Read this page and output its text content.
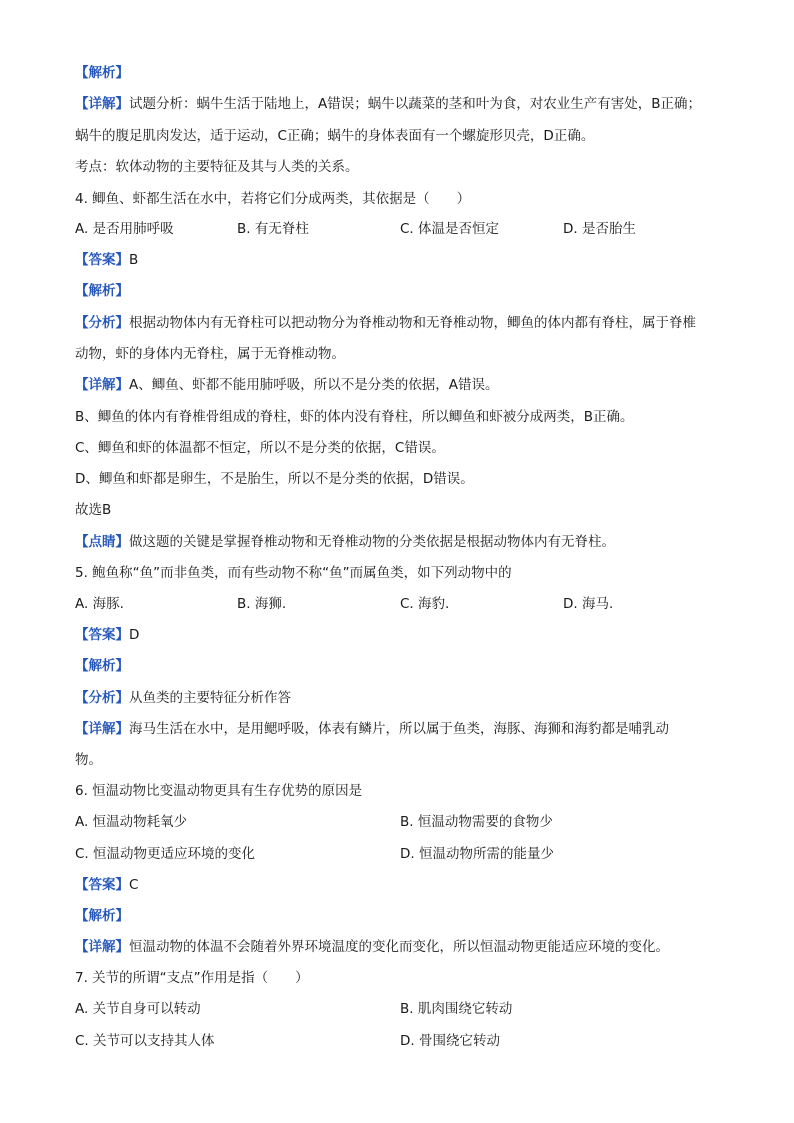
【解析】
【详解】试题分析：蜗牛生活于陆地上，A错误；蜗牛以蔬菜的茎和叶为食，对农业生产有害处，B正确；
蜗牛的腹足肌肉发达，适于运动，C正确；蜗牛的身体表面有一个螺旋形贝壳，D正确。
考点：软体动物的主要特征及其与人类的关系。
4. 鲫鱼、虾都生活在水中，若将它们分成两类，其依据是（　　）
A. 是否用肺呼吸	B. 有无脊柱	C. 体温是否恒定	D. 是否胎生
【答案】B
【解析】
【分析】根据动物体内有无脊柱可以把动物分为脊椎动物和无脊椎动物，鲫鱼的体内都有脊柱，属于脊椎
动物，虾的身体内无脊柱，属于无脊椎动物。
【详解】A、鲫鱼、虾都不能用肺呼吸，所以不是分类的依据，A错误。
B、鲫鱼的体内有脊椎骨组成的脊柱，虾的体内没有脊柱，所以鲫鱼和虾被分成两类，B正确。
C、鲫鱼和虾的体温都不恒定，所以不是分类的依据，C错误。
D、鲫鱼和虾都是卵生，不是胎生，所以不是分类的依据，D错误。
故选B
【点睛】做这题的关键是掌握脊椎动物和无脊椎动物的分类依据是根据动物体内有无脊柱。
5. 鲍鱼称“鱼”而非鱼类，而有些动物不称“鱼”而属鱼类，如下列动物中的
A. 海豚.	B. 海狮.	C. 海豹.	D. 海马.
【答案】D
【解析】
【分析】从鱼类的主要特征分析作答
【详解】海马生活在水中，是用鳃呼吸，体表有鳞片，所以属于鱼类，海豚、海狮和海豹都是哺乳动
物。
6. 恒温动物比变温动物更具有生存优势的原因是
A. 恒温动物耗氧少	B. 恒温动物需要的食物少
C. 恒温动物更适应环境的变化	D. 恒温动物所需的能量少
【答案】C
【解析】
【详解】恒温动物的体温不会随着外界环境温度的变化而变化，所以恒温动物更能适应环境的变化。
7. 关节的所谓“支点”作用是指（　　）
A. 关节自身可以转动	B. 肌肉围绕它转动
C. 关节可以支持其人体	D. 骨围绕它转动
